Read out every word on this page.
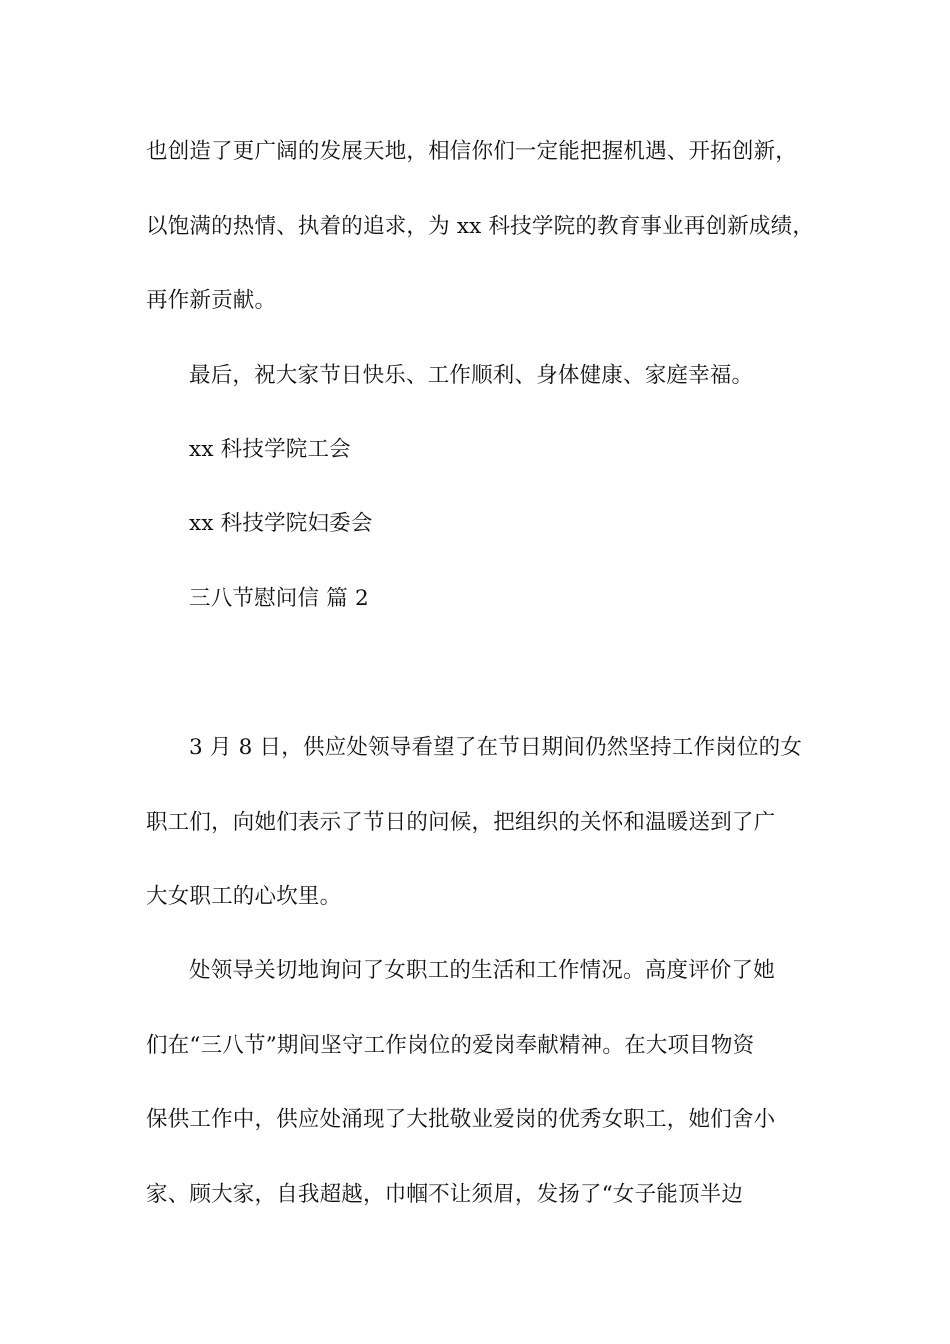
也创造了更广阔的发展天地，相信你们一定能把握机遇、开拓创新，
以饱满的热情、执着的追求，为 xx 科技学院的教育事业再创新成绩，
再作新贡献。
最后，祝大家节日快乐、工作顺利、身体健康、家庭幸福。
xx 科技学院工会
xx 科技学院妇委会
三八节慰问信 篇 2
3 月 8 日，供应处领导看望了在节日期间仍然坚持工作岗位的女
职工们，向她们表示了节日的问候，把组织的关怀和温暖送到了广
大女职工的心坎里。
处领导关切地询问了女职工的生活和工作情况。高度评价了她
们在“三八节”期间坚守工作岗位的爱岗奉献精神。在大项目物资
保供工作中，供应处涌现了大批敬业爱岗的优秀女职工，她们舍小
家、顾大家，自我超越，巾帼不让须眉，发扬了“女子能顶半边
